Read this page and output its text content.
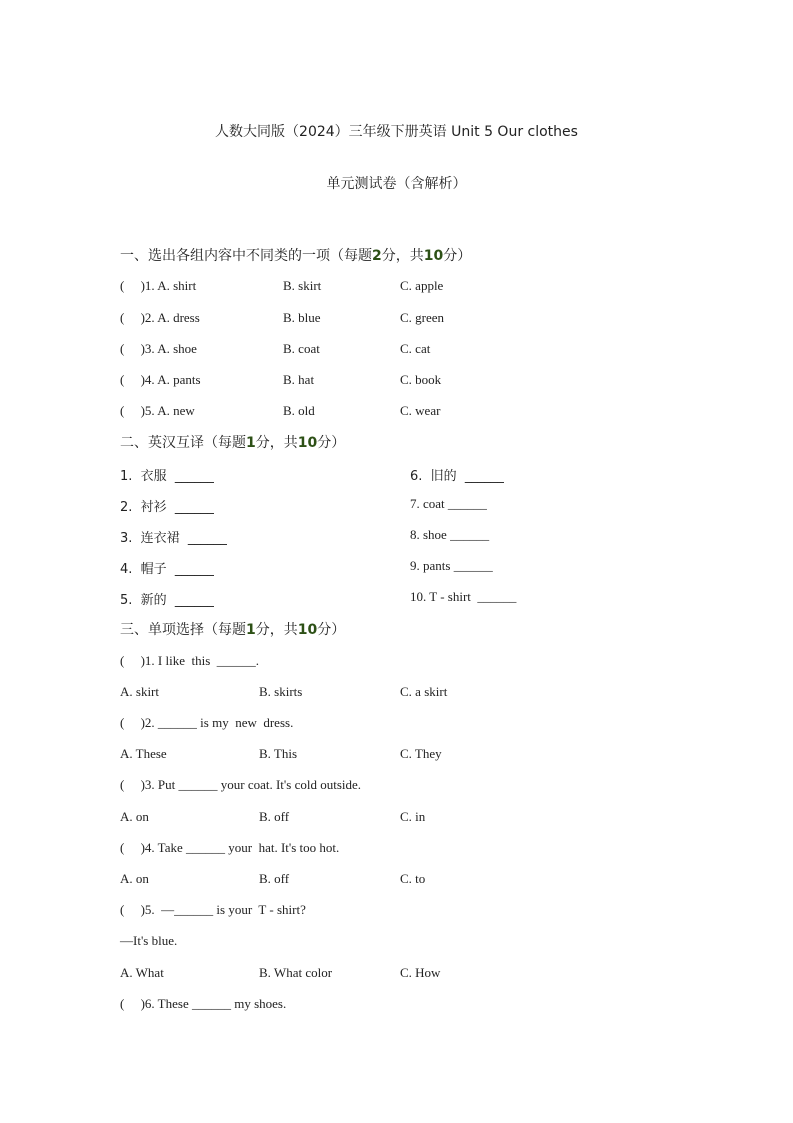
人数大同版（2024）三年级下册英语 Unit 5 Our clothes
单元测试卷（含解析）
一、选出各组内容中不同类的一项（每题2分，共10分）
(     )1. A. shirt	B. skirt	C. apple
(     )2. A. dress	B. blue	C. green
(     )3. A. shoe	B. coat	C. cat
(     )4. A. pants	B. hat	C. book
(     )5. A. new	B. old	C. wear
二、英汉互译（每题1分，共10分）
1.  衣服  ______
2.  衬衫  ______
3.  连衣裙  ______
4.  帽子  ______
5.  新的  ______
6.  旧的  ______
7. coat ______
8. shoe ______
9. pants ______
10. T - shirt  ______
三、单项选择（每题1分，共10分）
(     )1. I like  this  ______.
A. skirt	B. skirts	C. a skirt
(     )2. ______ is my  new  dress.
A. These	B. This	C. They
(     )3. Put ______ your coat. It's cold outside.
A. on	B. off	C. in
(     )4. Take ______ your  hat. It's too hot.
A. on	B. off	C. to
(     )5.  —______ is your  T - shirt?
—It's blue.
A. What	B. What color	C. How
(     )6. These ______ my shoes.
